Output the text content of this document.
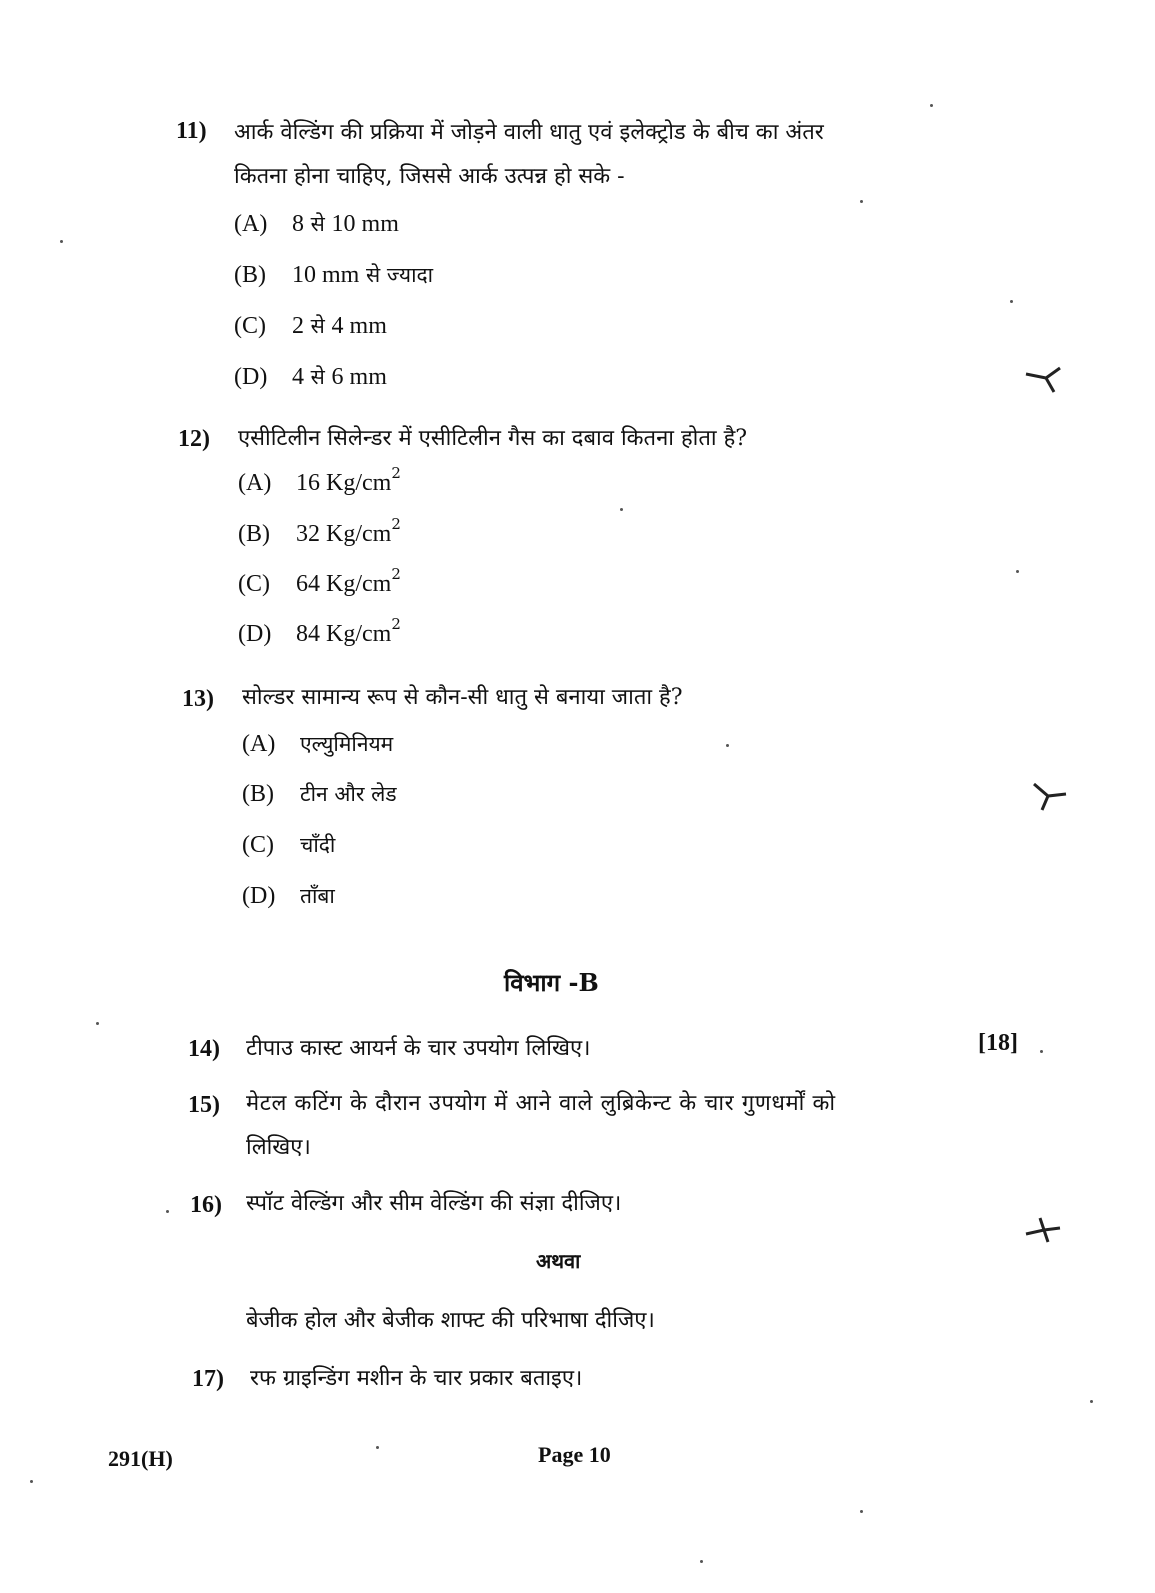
11) आर्क वेल्डिंग की प्रक्रिया में जोड़ने वाली धातु एवं इलेक्ट्रोड के बीच का अंतर
कितना होना चाहिए, जिससे आर्क उत्पन्न हो सके -
(A) 8 से 10 mm
(B) 10 mm से ज्यादा
(C) 2 से 4 mm
(D) 4 से 6 mm
12) एसीटिलीन सिलेन्डर में एसीटिलीन गैस का दबाव कितना होता है?
(A) 16 $Kg/cm^2$
(B) 32 $Kg/cm^2$
(C) 64 $Kg/cm^2$
(D) 84 $Kg/cm^2$
13) सोल्डर सामान्य रूप से कौन-सी धातु से बनाया जाता है?
(A) एल्युमिनियम
(B) टीन और लेड
(C) चाँदी
(D) ताँबा
विभाग -B
14) टीपाउ कास्ट आयर्न के चार उपयोग लिखिए।	[18]
15) मेटल कटिंग के दौरान उपयोग में आने वाले लुब्रिकेन्ट के चार गुणधर्मों को
लिखिए।
16) स्पॉट वेल्डिंग और सीम वेल्डिंग की संज्ञा दीजिए।
अथवा
बेजीक होल और बेजीक शाफ्ट की परिभाषा दीजिए।
17) रफ ग्राइन्डिंग मशीन के चार प्रकार बताइए।
291(H)	Page 10
